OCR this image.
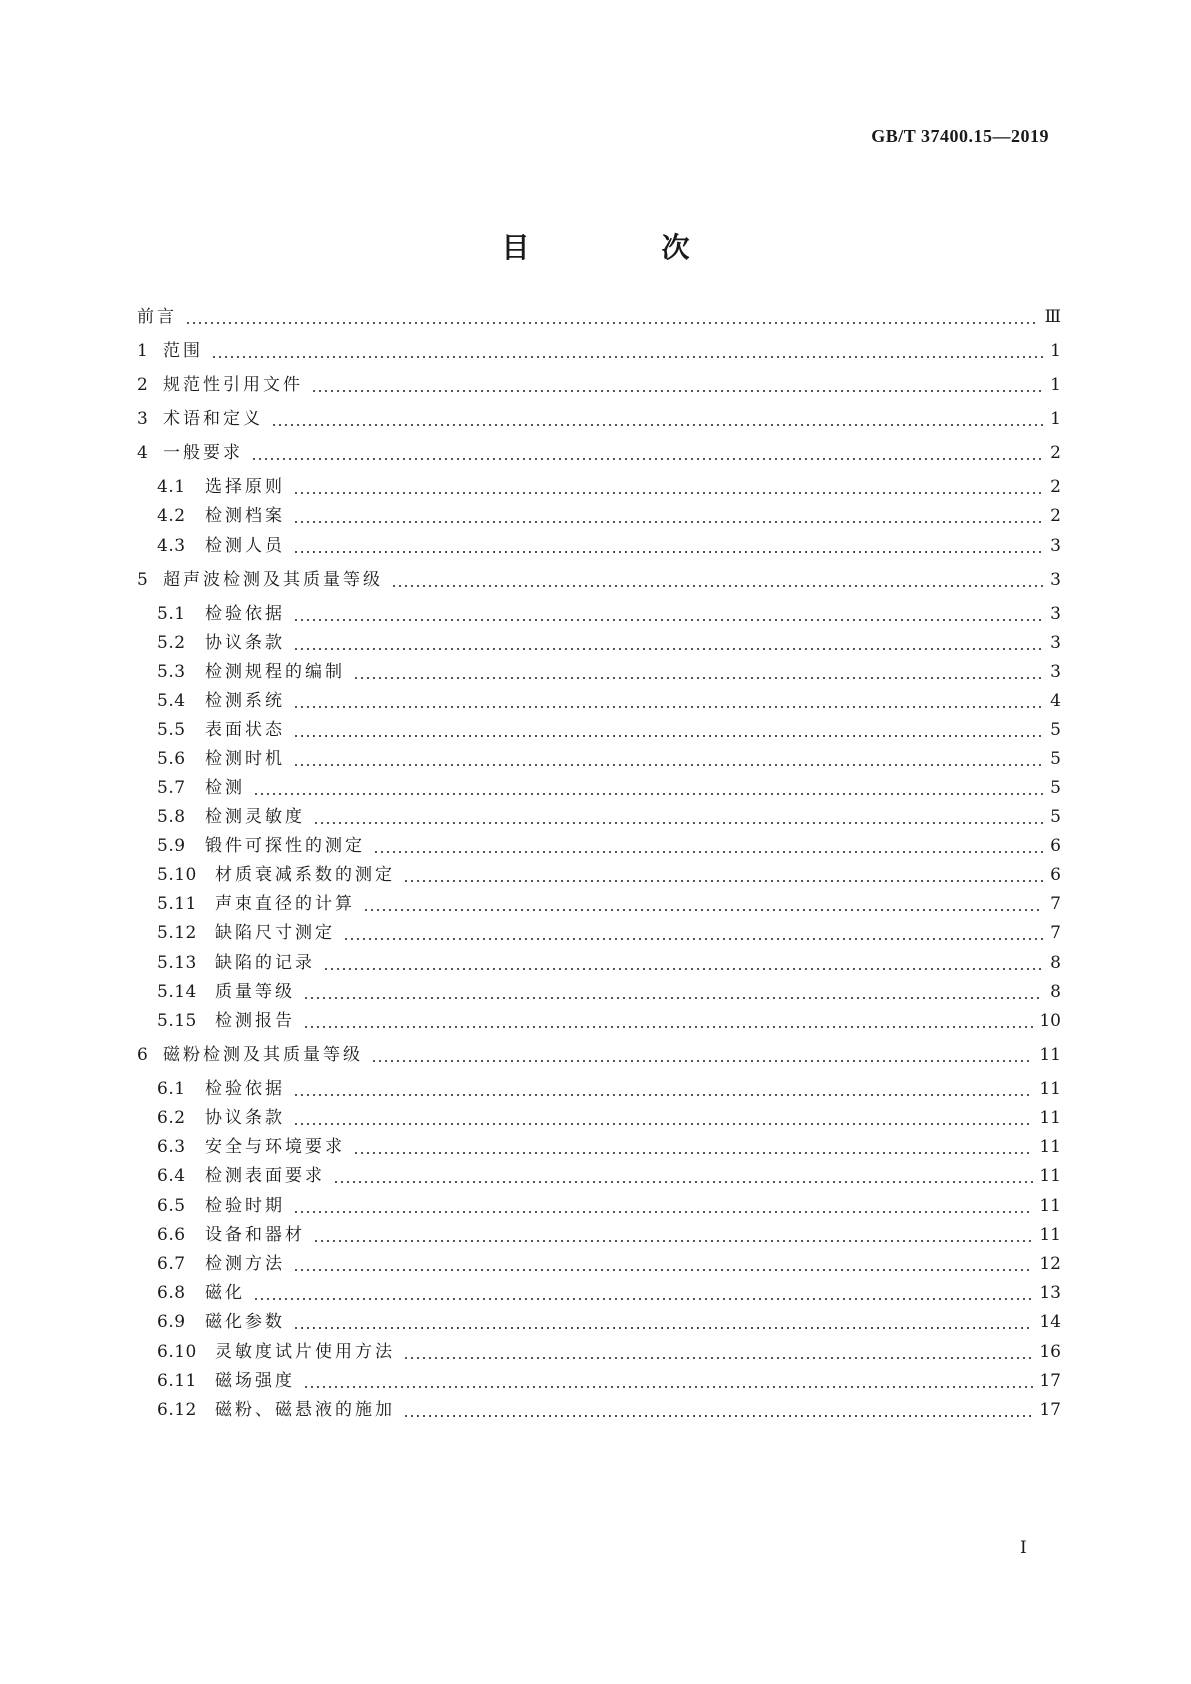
GB/T 37400.15—2019
目　次
前言	Ⅲ
1 范围	1
2 规范性引用文件	1
3 术语和定义	1
4 一般要求	2
4.1	选择原则	2
4.2	检测档案	2
4.3	检测人员	3
5 超声波检测及其质量等级	3
5.1	检验依据	3
5.2	协议条款	3
5.3	检测规程的编制	3
5.4	检测系统	4
5.5	表面状态	5
5.6	检测时机	5
5.7	检测	5
5.8	检测灵敏度	5
5.9	锻件可探性的测定	6
5.10	材质衰减系数的测定	6
5.11	声束直径的计算	7
5.12	缺陷尺寸测定	7
5.13	缺陷的记录	8
5.14	质量等级	8
5.15	检测报告	10
6 磁粉检测及其质量等级	11
6.1	检验依据	11
6.2	协议条款	11
6.3	安全与环境要求	11
6.4	检测表面要求	11
6.5	检验时期	11
6.6	设备和器材	11
6.7	检测方法	12
6.8	磁化	13
6.9	磁化参数	14
6.10	灵敏度试片使用方法	16
6.11	磁场强度	17
6.12	磁粉、磁悬液的施加	17
I
